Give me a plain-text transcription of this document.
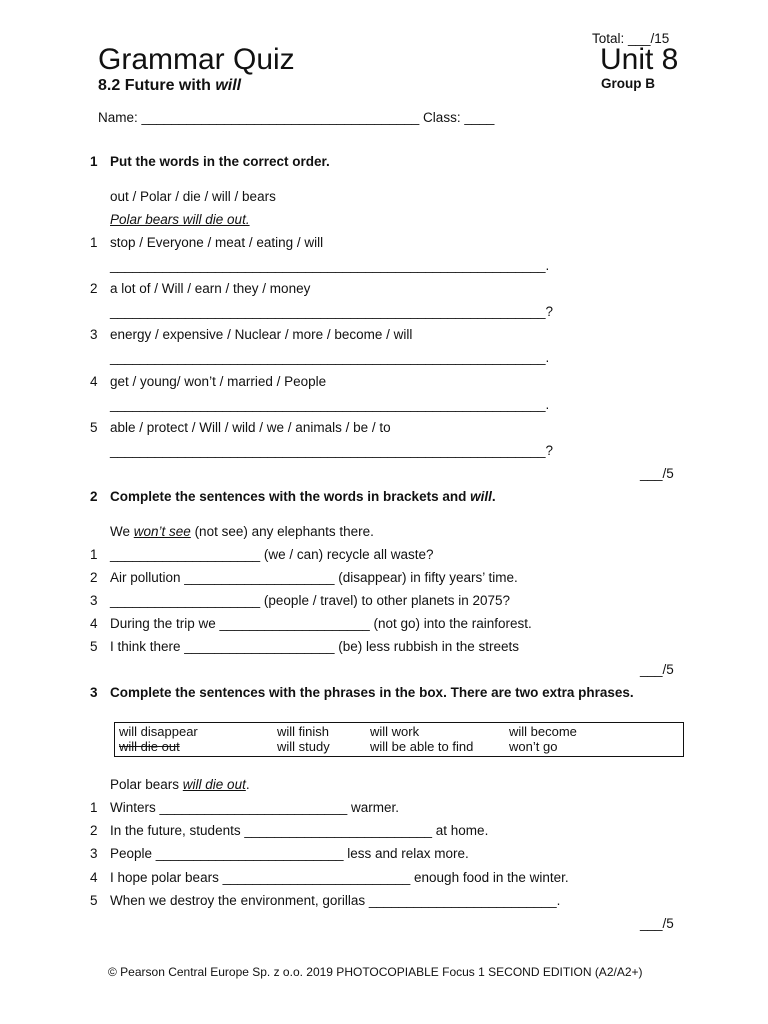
Total: ___/15
Grammar Quiz	Unit 8
8.2 Future with will	Group B
Name: _____________________________________ Class: ____
1 Put the words in the correct order.
out / Polar / die / will / bears
Polar bears will die out.
1 stop / Everyone / meat / eating / will
__________________________________________________________.
2 a lot of / Will / earn / they / money
__________________________________________________________?
3 energy / expensive / Nuclear / more / become / will
__________________________________________________________.
4 get / young/ won’t / married / People
__________________________________________________________.
5 able / protect / Will / wild / we / animals / be / to
__________________________________________________________?
___/5
2 Complete the sentences with the words in brackets and will.
We won’t see (not see) any elephants there.
1 ____________________ (we / can) recycle all waste?
2 Air pollution ____________________ (disappear) in fifty years’ time.
3 ____________________ (people / travel) to other planets in 2075?
4 During the trip we ____________________ (not go) into the rainforest.
5 I think there ____________________ (be) less rubbish in the streets
___/5
3 Complete the sentences with the phrases in the box. There are two extra phrases.
will disappear	will finish	will work	will become
will die out	will study	will be able to find	won’t go
Polar bears will die out.
1 Winters _________________________ warmer.
2 In the future, students _________________________ at home.
3 People _________________________ less and relax more.
4 I hope polar bears _________________________ enough food in the winter.
5 When we destroy the environment, gorillas _________________________.
___/5
© Pearson Central Europe Sp. z o.o. 2019 PHOTOCOPIABLE Focus 1 SECOND EDITION (A2/A2+)
